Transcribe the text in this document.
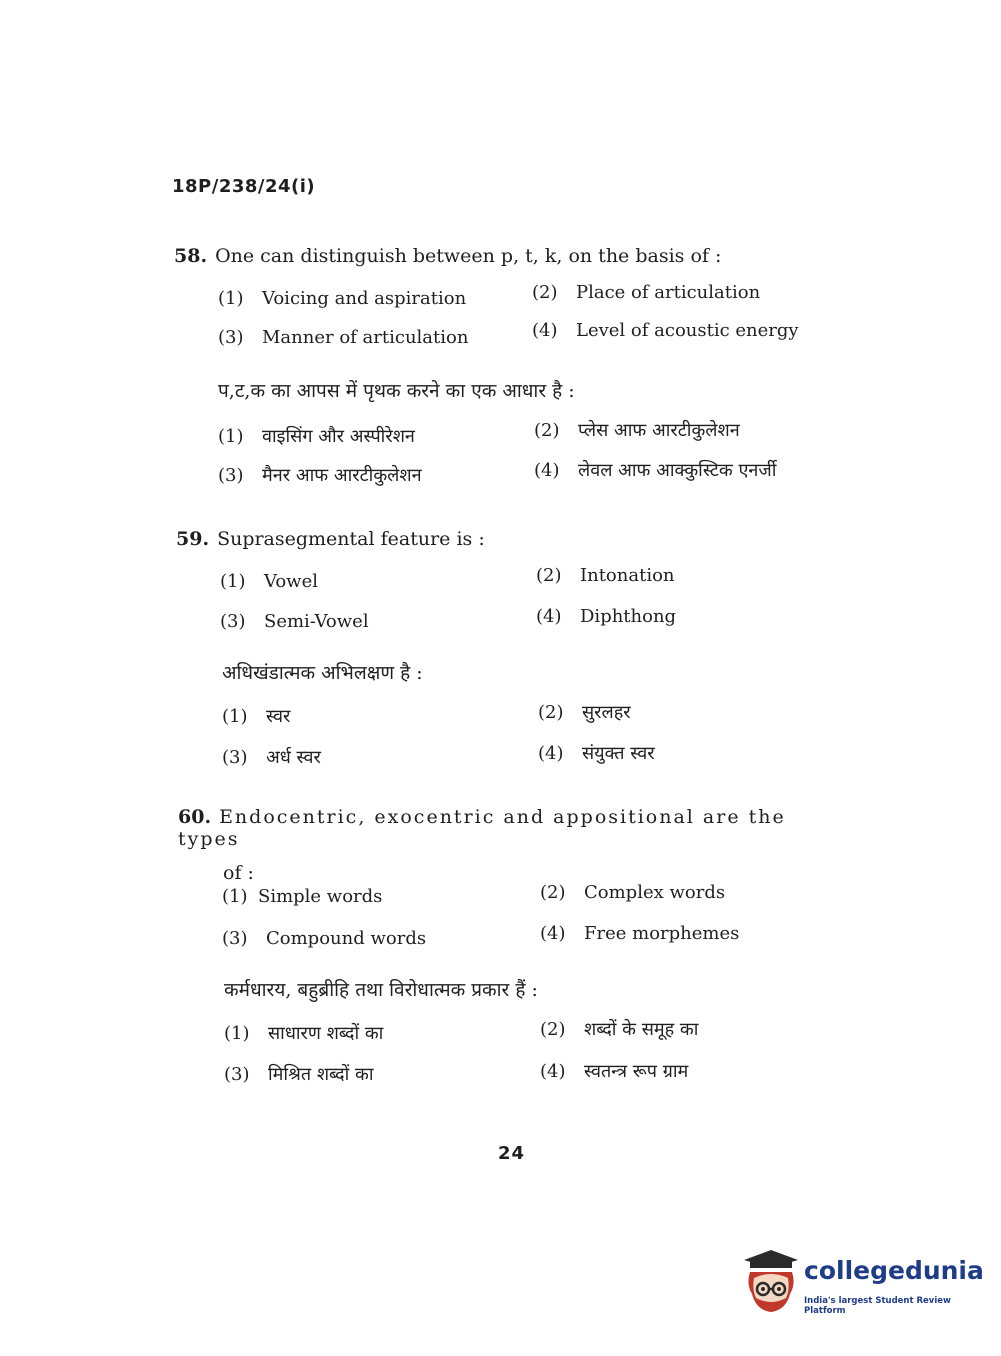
18P/238/24(i)
58. One can distinguish between p, t, k, on the basis of :
(1) Voicing and aspiration	(2) Place of articulation
(3) Manner of articulation	(4) Level of acoustic energy
प,ट,क का आपस में पृथक करने का एक आधार है :
(1) वाइसिंग और अस्पीरेशन	(2) प्लेस आफ आरटीकुलेशन
(3) मैनर आफ आरटीकुलेशन	(4) लेवल आफ आक्कुस्टिक एनर्जी
59. Suprasegmental feature is :
(1) Vowel	(2) Intonation
(3) Semi-Vowel	(4) Diphthong
अधिखंडात्मक अभिलक्षण है :
(1) स्वर	(2) सुरलहर
(3) अर्ध स्वर	(4) संयुक्त स्वर
60. Endocentric, exocentric and appositional are the types
of :
(1) Simple words	(2) Complex words
(3) Compound words	(4) Free morphemes
कर्मधारय, बहुब्रीहि तथा विरोधात्मक प्रकार हैं :
(1) साधारण शब्दों का	(2) शब्दों के समूह का
(3) मिश्रित शब्दों का	(4) स्वतन्त्र रूप ग्राम
24
collegedunia
India's largest Student Review Platform
